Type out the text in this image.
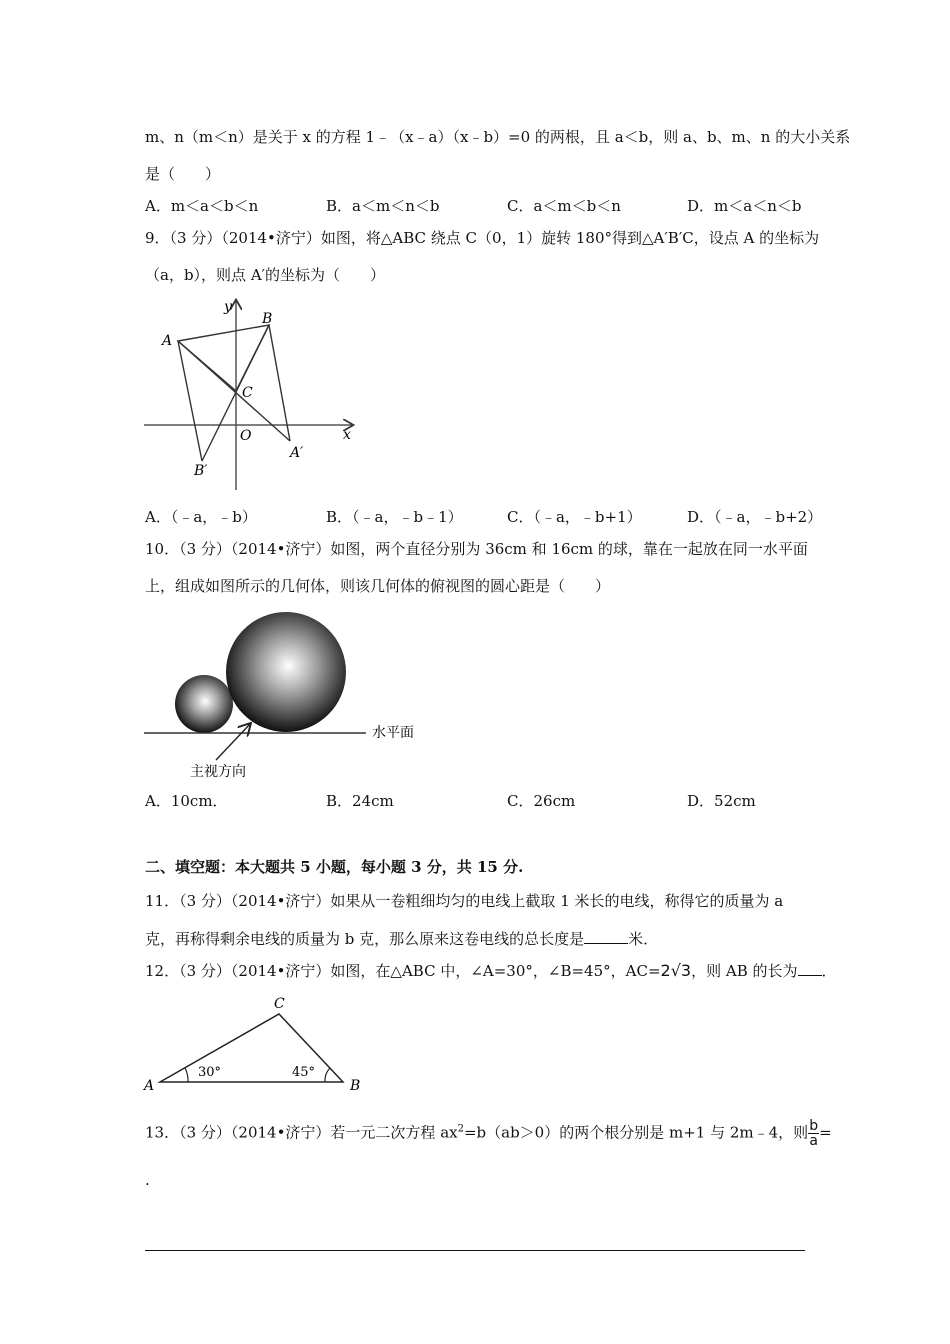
m、n（m＜n）是关于 x 的方程 1﹣（x﹣a）（x﹣b）=0 的两根，且 a＜b，则 a、b、m、n 的大小关系
是（　　）
A．m＜a＜b＜n	B．a＜m＜n＜b	C．a＜m＜b＜n	D．m＜a＜n＜b
9．（3 分）（2014•济宁）如图，将△ABC 绕点 C（0，1）旋转 180°得到△A′B′C，设点 A 的坐标为
（a，b），则点 A′的坐标为（　　）
y
x
A
B
C
O
A′
B′
A．（﹣a，﹣b）	B．（﹣a，﹣b﹣1）	C．（﹣a，﹣b+1）	D．（﹣a，﹣b+2）
10．（3 分）（2014•济宁）如图，两个直径分别为 36cm 和 16cm 的球，靠在一起放在同一水平面
上，组成如图所示的几何体，则该几何体的俯视图的圆心距是（　　）
水平面
主视方向
A．10cm．	B．24cm	C．26cm	D．52cm
二、填空题：本大题共 5 小题，每小题 3 分，共 15 分.
11．（3 分）（2014•济宁）如果从一卷粗细均匀的电线上截取 1 米长的电线，称得它的质量为 a
克，再称得剩余电线的质量为 b 克，那么原来这卷电线的总长度是	米．
12．（3 分）（2014•济宁）如图，在△ABC 中，∠A=30°，∠B=45°，AC=2√3，则 AB 的长为 ．
A	B
C
30°	45°
13．（3 分）（2014•济宁）若一元二次方程 $ax^2=b(ab>0)$的两个根分别是 m+1 与 2m﹣4，则 $\frac{b}{a}$ =
.
